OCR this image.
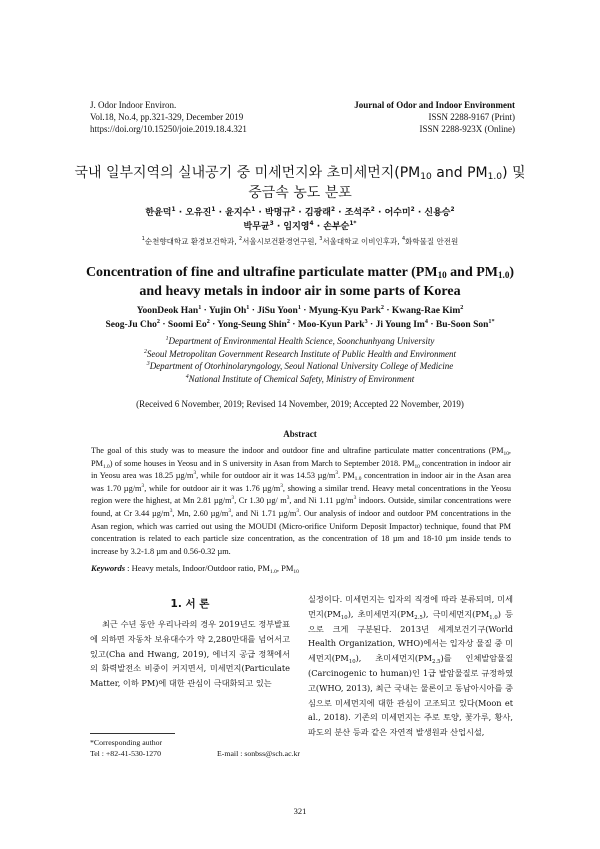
J. Odor Indoor Environ.
Vol.18, No.4, pp.321-329, December 2019
https://doi.org/10.15250/joie.2019.18.4.321
Journal of Odor and Indoor Environment
ISSN 2288-9167 (Print)
ISSN 2288-923X (Online)
국내 일부지역의 실내공기 중 미세먼지와 초미세먼지($PM_{10}$ and $PM_{1.0}$) 및
중금속 농도 분포
한윤덕$^1$ · 오유진$^1$ · 윤지수$^1$ · 박명규$^2$ · 김광래$^2$ · 조석주$^2$ · 어수미$^2$ · 신용승$^2$
박무균$^3$ · 임지영$^4$ · 손부순$^{1*}$
$^1$순천향대학교 환경보건학과, $^2$서울시보건환경연구원, $^3$서울대학교 이비인후과, $^4$화학물질 안전원
Concentration of fine and ultrafine particulate matter ($PM_{10}$ and $PM_{1.0}$)
and heavy metals in indoor air in some parts of Korea
YoonDeok Han$^1$ · Yujin $Oh^1$ · JiSu Yoon$^1$ · Myung-Kyu Park$^2$ · Kwang-Rae Kim$^2$
Seog-Ju Cho$^2$ · Soomi $Eo^2$ · Yong-Seung Shin$^2$ · Moo-Kyun Park$^3$ · Ji Young $Im^4$ · Bu-Soon Son$^{1*}$
$^1$Department of Environmental Health Science, Soonchunhyang University
$^2$Seoul Metropolitan Government Research Institute of Public Health and Environment
$^3$Department of Otorhinolaryngology, Seoul National University College of Medicine
$^4$National Institute of Chemical Safety, Ministry of Environment
(Received 6 November, 2019; Revised 14 November, 2019; Accepted 22 November, 2019)
Abstract
The goal of this study was to measure the indoor and outdoor fine and ultrafine particulate matter concentrations ($PM_{10}$, $PM_{1.0}$) of some houses in Yeosu and in S university in Asan from March to September 2018. $PM_{10}$ concentration in indoor air in Yeosu area was 18.25 $\mu g/m^3$, while for outdoor air it was 14.53 $\mu g/m^3$. $PM_{1.0}$ concentration in indoor air in the Asan area was 1.70 $\mu g/m^3$, while for outdoor air it was 1.76 $\mu g/m^3$, showing a similar trend. Heavy metal concentrations in the Yeosu region were the highest, at Mn 2.81 $\mu g/m^3$, Cr 1.30 µg/ $m^3$, and Ni 1.11 $\mu g/m^3$ indoors. Outside, similar concentrations were found, at Cr 3.44 $\mu g/m^3$, Mn, 2.60 $\mu g/m^3$, and Ni 1.71 $\mu g/m^3$. Our analysis of indoor and outdoor PM concentrations in the Asan region, which was carried out using the MOUDI (Micro-orifice Uniform Deposit Impactor) technique, found that PM concentration is related to each particle size concentration, as the concentration of 18 µm and 18-10 µm inside tends to increase by 3.2-1.8 µm and 0.56-0.32 µm.
Keywords : Heavy metals, Indoor/Outdoor ratio, $PM_{1.0}$, $PM_{10}$
1. 서 론
최근 수년 동안 우리나라의 경우 2019년도 정부발표에 의하면 자동차 보유대수가 약 2,280만대를 넘어서고 있고(Cha and Hwang, 2019), 에너지 공급 정책에서의 화력발전소 비중이 커지면서, 미세먼지(Particulate Matter, 이하 PM)에 대한 관심이 극대화되고 있는
실정이다. 미세먼지는 입자의 직경에 따라 분류되며, 미세먼지$(PM_{10})$, 초미세먼지$(PM_{2.5})$, 극미세먼지$(PM_{1.0})$ 등으로 크게 구분된다. 2013년 세계보건기구(World Health Organization, WHO)에서는 입자상 물질 중 미세먼지$(PM_{10})$, 초미세먼지$(PM_{2.5})$를 인체발암물질(Carcinogenic to human)인 1급 발암물질로 규정하였고(WHO, 2013), 최근 국내는 물론이고 동남아시아를 중심으로 미세먼지에 대한 관심이 고조되고 있다(Moon et al., 2018). 기존의 미세먼지는 주로 토양, 꽃가루, 황사, 파도의 분산 등과 같은 자연적 발생원과 산업시설,
*Corresponding author
Tel : +82-41-530-1270	E-mail : sonbss@sch.ac.kr
321
